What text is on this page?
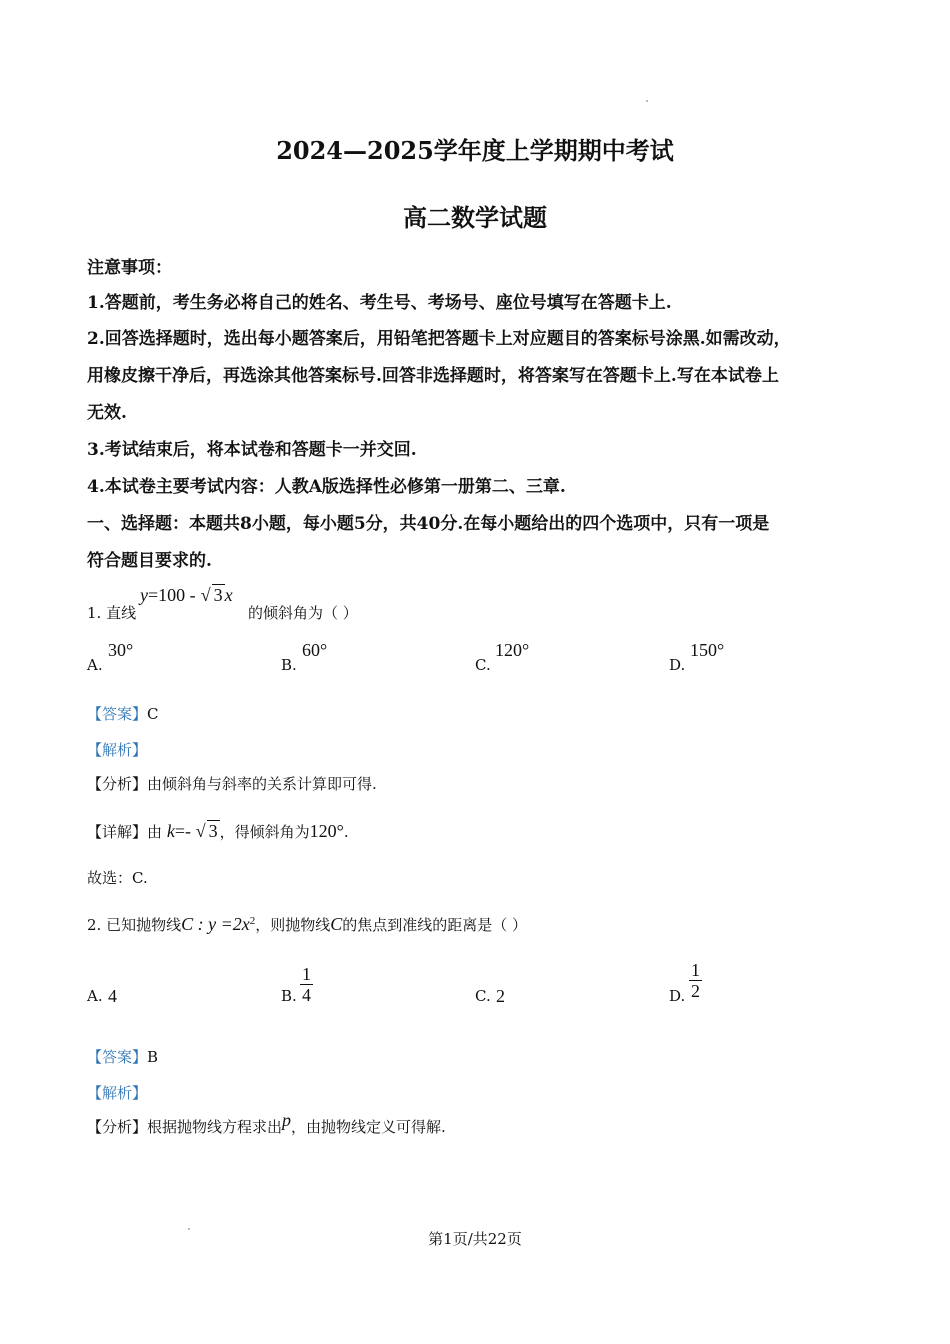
2024—2025学年度上学期期中考试
高二数学试题
注意事项：
1.答题前，考生务必将自己的姓名、考生号、考场号、座位号填写在答题卡上.
2.回答选择题时，选出每小题答案后，用铅笔把答题卡上对应题目的答案标号涂黑.如需改动，
用橡皮擦干净后，再选涂其他答案标号.回答非选择题时，将答案写在答题卡上.写在本试卷上
无效.
3.考试结束后，将本试卷和答题卡一并交回.
4.本试卷主要考试内容：人教A版选择性必修第一册第二、三章.
一、选择题：本题共8小题，每小题5分，共40分.在每小题给出的四个选项中，只有一项是
符合题目要求的.
1. 直线
y=100 - √ 3 x
的倾斜角为（ ）
A.
30°
B.
60°
C.
120°
D.
150°
【答案】C
【解析】
【分析】由倾斜角与斜率的关系计算即可得.
【详解】由 k=- √ 3 ，得倾斜角为120°.
故选：C.
2. 已知抛物线C : $y =2x^2$，则抛物线C的焦点到准线的距离是（ ）
A. 4	B. $\frac{1}{4}$	C. 2	D. $\frac{1}{2}$
【答案】B
【解析】
【分析】根据抛物线方程求出p，由抛物线定义可得解.
第1页/共22页
